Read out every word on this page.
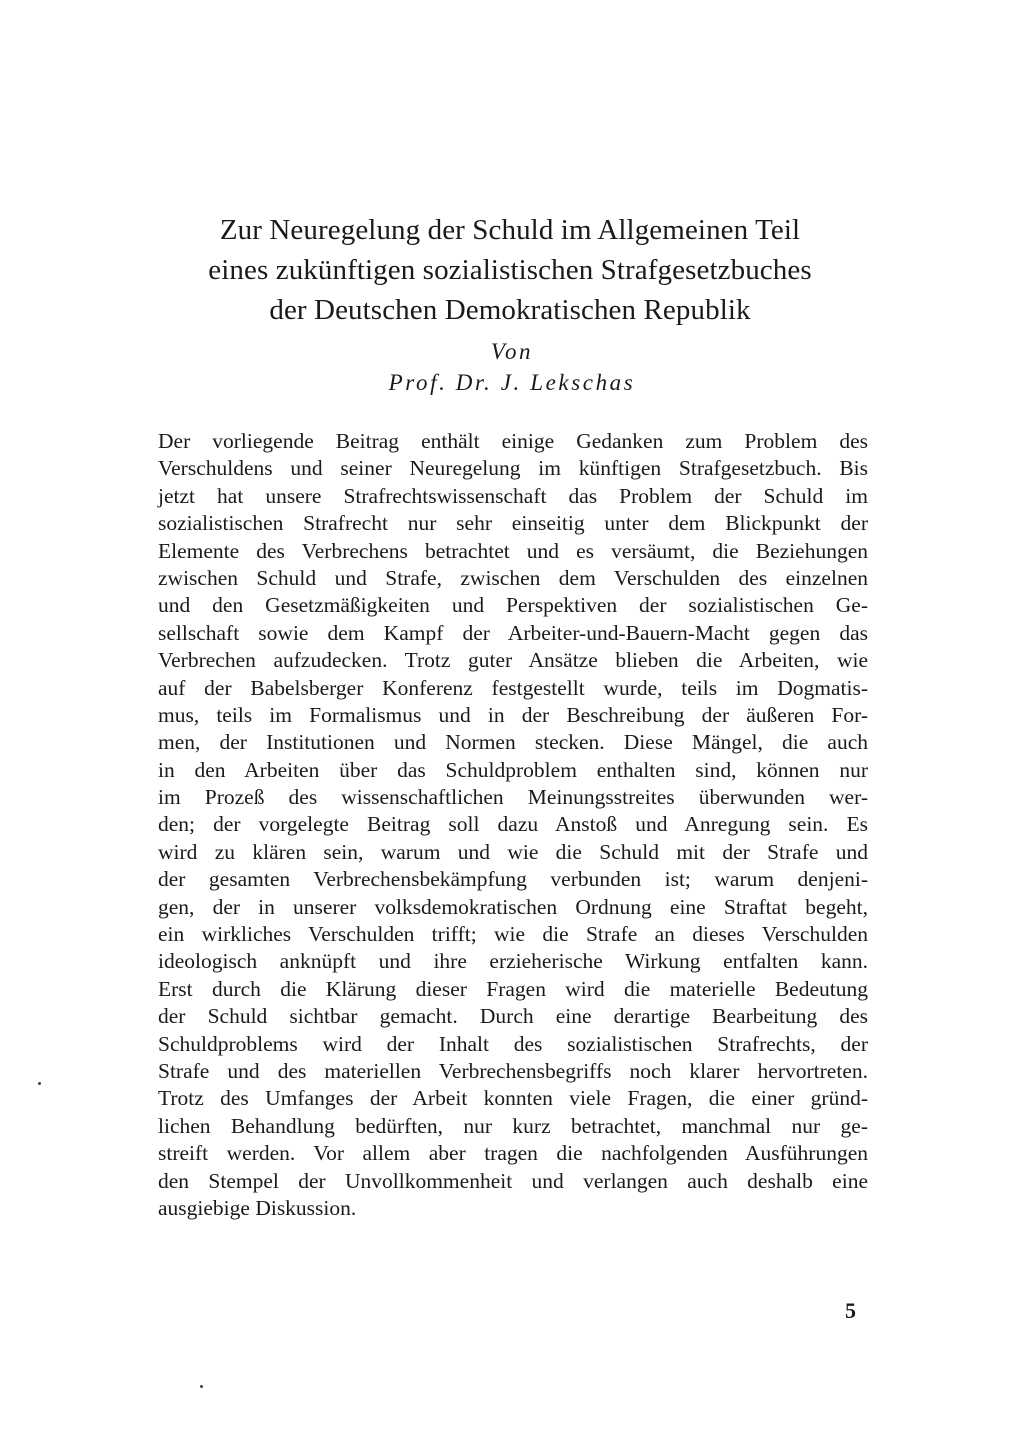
Zur Neuregelung der Schuld im Allgemeinen Teil
eines zukünftigen sozialistischen Strafgesetzbuches
der Deutschen Demokratischen Republik
Von
Prof. Dr. J. Lekschas
Der vorliegende Beitrag enthält einige Gedanken zum Problem des
Verschuldens und seiner Neuregelung im künftigen Strafgesetzbuch. Bis
jetzt hat unsere Strafrechtswissenschaft das Problem der Schuld im
sozialistischen Strafrecht nur sehr einseitig unter dem Blickpunkt der
Elemente des Verbrechens betrachtet und es versäumt, die Beziehungen
zwischen Schuld und Strafe, zwischen dem Verschulden des einzelnen
und den Gesetzmäßigkeiten und Perspektiven der sozialistischen Ge-
sellschaft sowie dem Kampf der Arbeiter-und-Bauern-Macht gegen das
Verbrechen aufzudecken. Trotz guter Ansätze blieben die Arbeiten, wie
auf der Babelsberger Konferenz festgestellt wurde, teils im Dogmatis-
mus, teils im Formalismus und in der Beschreibung der äußeren For-
men, der Institutionen und Normen stecken. Diese Mängel, die auch
in den Arbeiten über das Schuldproblem enthalten sind, können nur
im Prozeß des wissenschaftlichen Meinungsstreites überwunden wer-
den; der vorgelegte Beitrag soll dazu Anstoß und Anregung sein. Es
wird zu klären sein, warum und wie die Schuld mit der Strafe und
der gesamten Verbrechensbekämpfung verbunden ist; warum denjeni-
gen, der in unserer volksdemokratischen Ordnung eine Straftat begeht,
ein wirkliches Verschulden trifft; wie die Strafe an dieses Verschulden
ideologisch anknüpft und ihre erzieherische Wirkung entfalten kann.
Erst durch die Klärung dieser Fragen wird die materielle Bedeutung
der Schuld sichtbar gemacht. Durch eine derartige Bearbeitung des
Schuldproblems wird der Inhalt des sozialistischen Strafrechts, der
Strafe und des materiellen Verbrechensbegriffs noch klarer hervortreten.
Trotz des Umfanges der Arbeit konnten viele Fragen, die einer gründ-
lichen Behandlung bedürften, nur kurz betrachtet, manchmal nur ge-
streift werden. Vor allem aber tragen die nachfolgenden Ausführungen
den Stempel der Unvollkommenheit und verlangen auch deshalb eine
ausgiebige Diskussion.
5
